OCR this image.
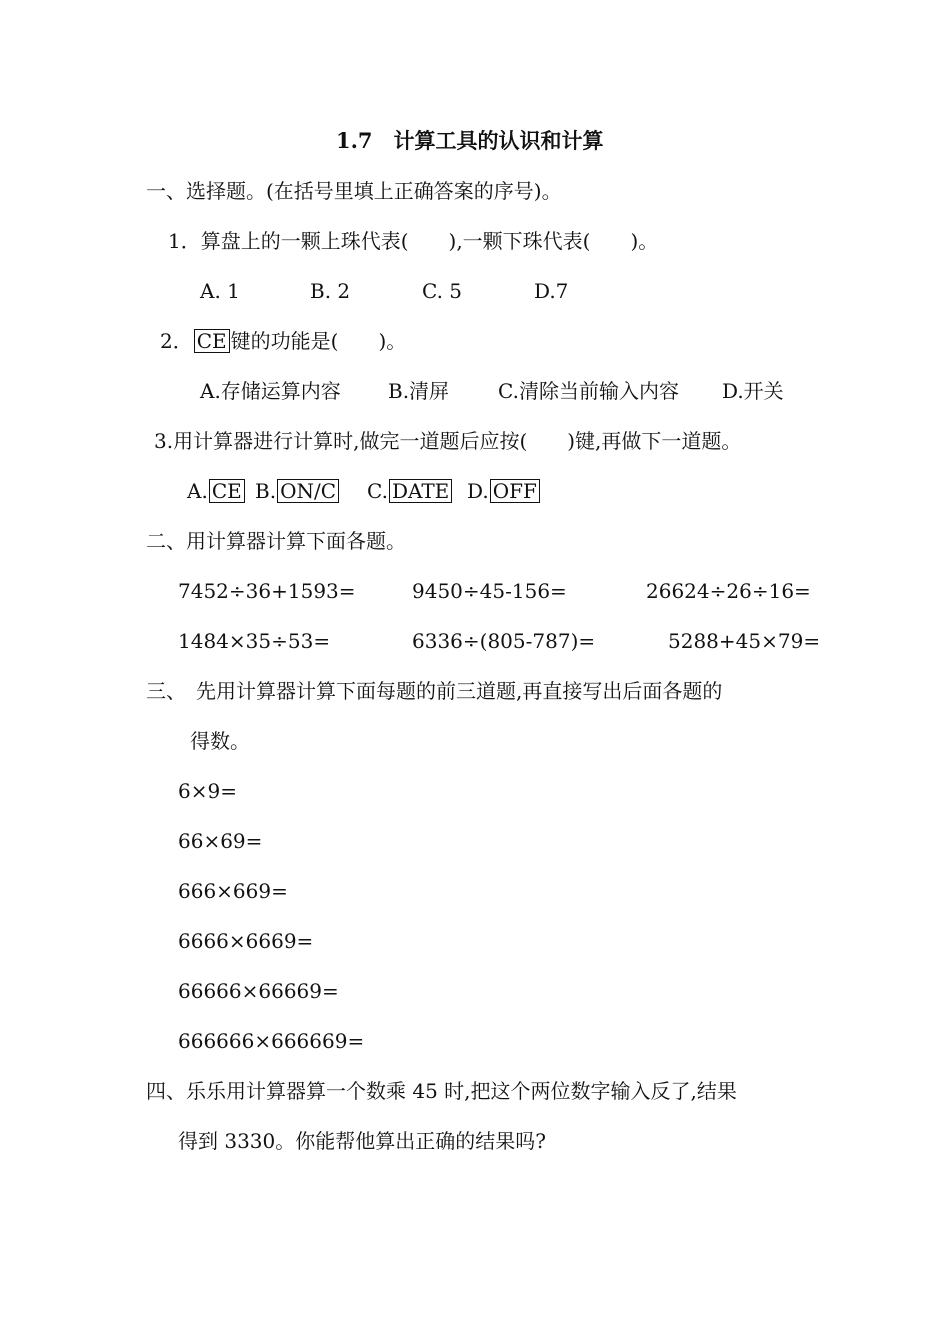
1.7　计算工具的认识和计算
一、选择题。(在括号里填上正确答案的序号)。
1．算盘上的一颗上珠代表(　　),一颗下珠代表(　　)。
A. 1	B. 2	C. 5	D.7
2． CE 键的功能是(　　)。
A.存储运算内容 B.清屏 C.清除当前输入内容 D.开关
3.用计算器进行计算时,做完一道题后应按(　　)键,再做下一道题。
A. CE B. ON/C C. DATE D. OFF
二、用计算器计算下面各题。
7452÷36+1593=	9450÷45-156=	26624÷26÷16=
1484×35÷53=	6336÷(805-787)=	5288+45×79=
三、　先用计算器计算下面每题的前三道题,再直接写出后面各题的
得数。
6×9=
66×69=
666×669=
6666×6669=
66666×66669=
666666×666669=
四、乐乐用计算器算一个数乘 45 时,把这个两位数字输入反了,结果
得到 3330。你能帮他算出正确的结果吗?
